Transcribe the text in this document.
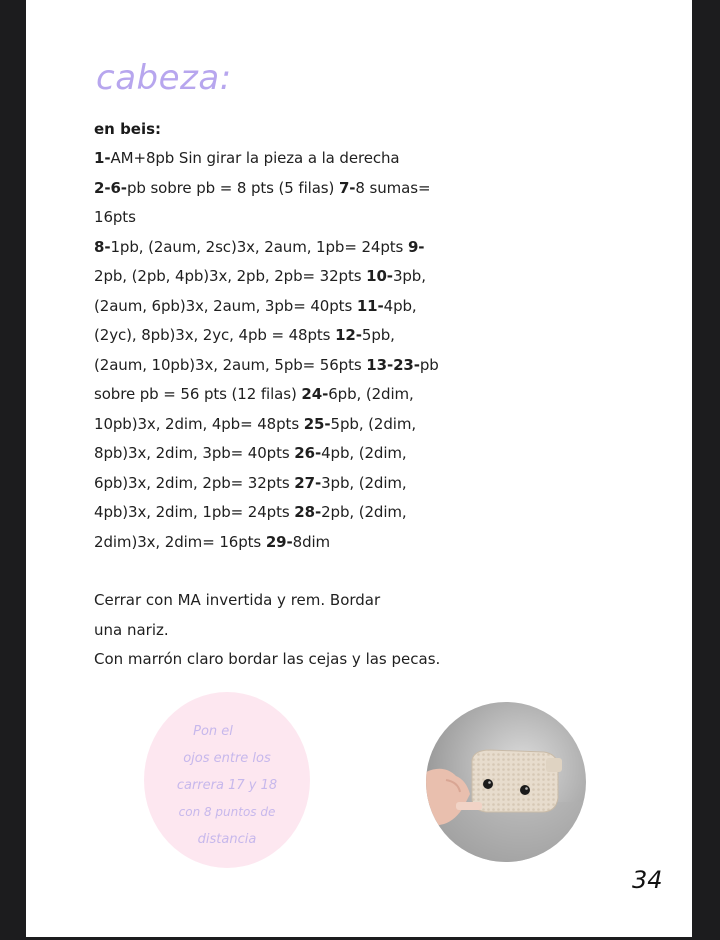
cabeza:
en beis:
1-AM+8pb Sin girar la pieza a la derecha
2-6-pb sobre pb = 8 pts (5 filas) 7-8 sumas=
16pts
8-1pb, (2aum, 2sc)3x, 2aum, 1pb= 24pts 9-
2pb, (2pb, 4pb)3x, 2pb, 2pb= 32pts 10-3pb,
(2aum, 6pb)3x, 2aum, 3pb= 40pts 11-4pb,
(2yc), 8pb)3x, 2yc, 4pb = 48pts 12-5pb,
(2aum, 10pb)3x, 2aum, 5pb= 56pts 13-23-pb
sobre pb = 56 pts (12 filas) 24-6pb, (2dim,
10pb)3x, 2dim, 4pb= 48pts 25-5pb, (2dim,
8pb)3x, 2dim, 3pb= 40pts 26-4pb, (2dim,
6pb)3x, 2dim, 2pb= 32pts 27-3pb, (2dim,
4pb)3x, 2dim, 1pb= 24pts 28-2pb, (2dim,
2dim)3x, 2dim= 16pts 29-8dim
Cerrar con MA invertida y rem. Bordar
una nariz.
Con marrón claro bordar las cejas y las pecas.
Pon el
ojos entre los
carrera 17 y 18
con 8 puntos de
distancia
34
